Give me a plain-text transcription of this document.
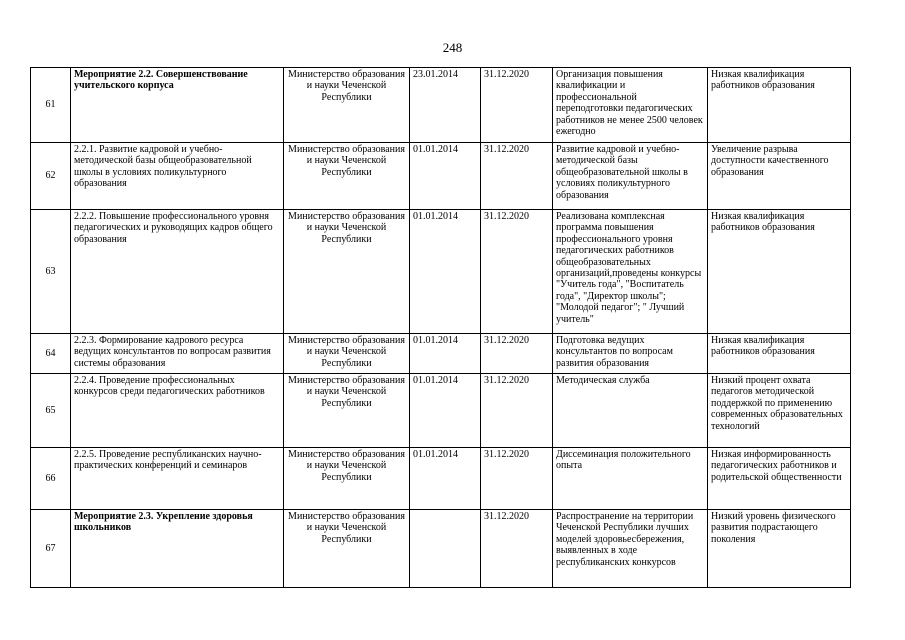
248
61	Мероприятие 2.2. Совершенствование учительского корпуса	Министерство образования и науки Чеченской Республики	23.01.2014	31.12.2020	Организация повышения квалификации и профессиональной переподготовки педагогических работников не менее 2500 человек ежегодно	Низкая квалификация работников образования
62	2.2.1. Развитие кадровой и учебно-методической базы общеобразовательной школы в условиях поликультурного образования	Министерство образования и науки Чеченской Республики	01.01.2014	31.12.2020	Развитие кадровой и учебно-методической базы общеобразовательной школы в условиях поликультурного образования	Увеличение разрыва доступности качественного образования
63	2.2.2. Повышение профессионального уровня педагогических и руководящих кадров общего образования	Министерство образования и науки Чеченской Республики	01.01.2014	31.12.2020	Реализована комплексная программа повышения профессионального уровня педагогических работников общеобразовательных организаций,проведены конкурсы "Учитель года", "Воспитатель года", "Директор школы"; "Молодой педагог"; " Лучший учитель"	Низкая квалификация работников образования
64	2.2.3. Формирование кадрового ресурса ведущих консультантов по вопросам развития системы образования	Министерство образования и науки Чеченской Республики	01.01.2014	31.12.2020	Подготовка ведущих консультантов по вопросам развития образования	Низкая квалификация работников образования
65	2.2.4. Проведение профессиональных конкурсов среди педагогических работников	Министерство образования и науки Чеченской Республики	01.01.2014	31.12.2020	Методическая служба	Низкий процент охвата педагогов методической поддержкой по применению современных образовательных технологий
66	2.2.5. Проведение республиканских научно-практических конференций и семинаров	Министерство образования и науки Чеченской Республики	01.01.2014	31.12.2020	Диссеминация положительного опыта	Низкая информированность педагогических работников и родительской общественности
67	Мероприятие 2.3. Укрепление здоровья школьников	Министерство образования и науки Чеченской Республики		31.12.2020	Распространение на территории Чеченской Республики лучших моделей здоровьесбережения, выявленных в ходе республиканских конкурсов	Низкий уровень физического развития подрастающего поколения
